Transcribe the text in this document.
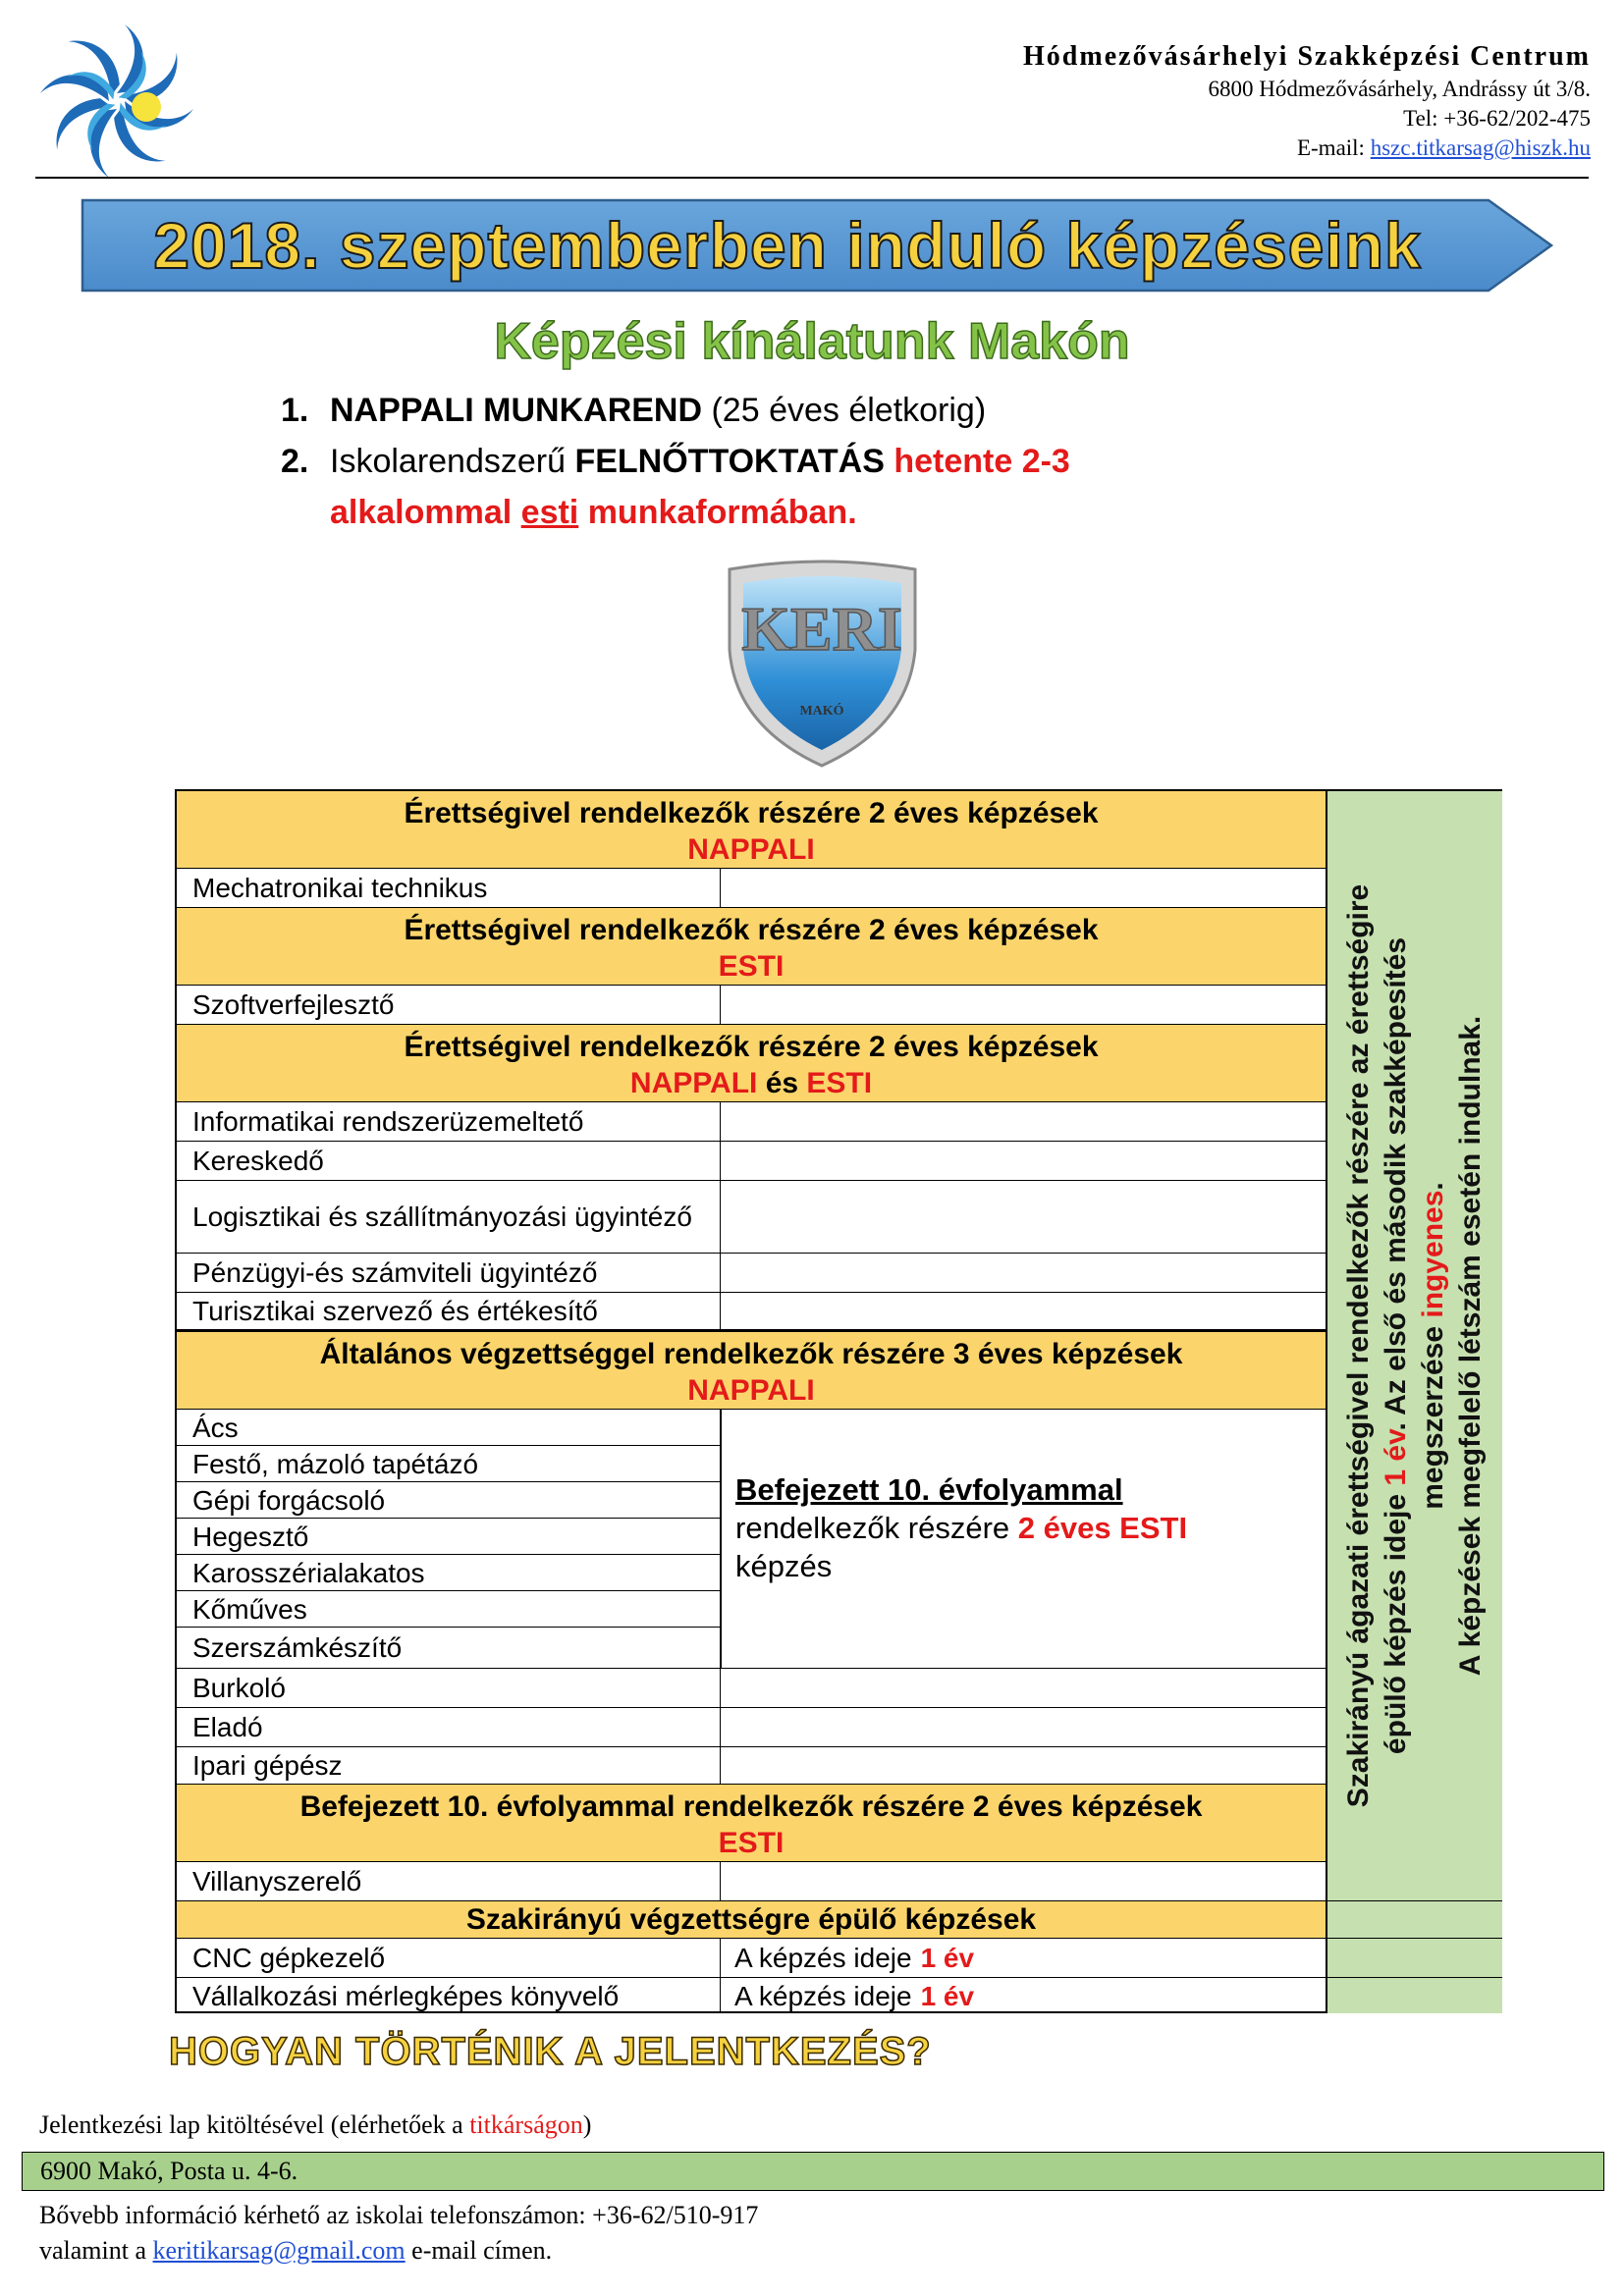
Hódmezővásárhelyi Szakképzési Centrum
6800 Hódmezővásárhely, Andrássy út 3/8.
Tel: +36-62/202-475
E-mail: hszc.titkarsag@hiszk.hu
2018. szeptemberben induló képzéseink
Képzési kínálatunk Makón
1. NAPPALI MUNKAREND (25 éves életkorig)
2. Iskolarendszerű FELNŐTTOKTATÁS hetente 2-3
alkalommal esti munkaformában.
KERI
MAKÓ
Érettségivel rendelkezők részére 2 éves képzések
NAPPALI
Mechatronikai technikus
Érettségivel rendelkezők részére 2 éves képzések
ESTI
Szoftverfejlesztő
Érettségivel rendelkezők részére 2 éves képzések
NAPPALI és ESTI
Informatikai rendszerüzemeltető
Kereskedő
Logisztikai és szállítmányozási ügyintéző
Pénzügyi-és számviteli ügyintéző
Turisztikai szervező és értékesítő
Általános végzettséggel rendelkezők részére 3 éves képzések
NAPPALI
Ács
Festő, mázoló tapétázó
Gépi forgácsoló
Hegesztő
Karosszérialakatos
Kőműves
Szerszámkészítő
Burkoló
Eladó
Ipari gépész
Befejezett 10. évfolyammal
rendelkezők részére 2 éves ESTI
képzés
Befejezett 10. évfolyammal rendelkezők részére 2 éves képzések
ESTI
Villanyszerelő
Szakirányú végzettségre épülő képzések
CNC gépkezelő	A képzés ideje 1 év
Vállalkozási mérlegképes könyvelő	A képzés ideje 1 év
Szakirányú ágazati érettségivel rendelkezők részére az érettségire épülő képzés ideje 1 év. Az első és második szakképesítés megszerzése ingyenes. A képzések megfelelő létszám esetén indulnak.
HOGYAN TÖRTÉNIK A JELENTKEZÉS?
Jelentkezési lap kitöltésével (elérhetőek a titkárságon)
6900 Makó, Posta u. 4-6.
Bővebb információ kérhető az iskolai telefonszámon: +36-62/510-917
valamint a keritikarsag@gmail.com e-mail címen.
